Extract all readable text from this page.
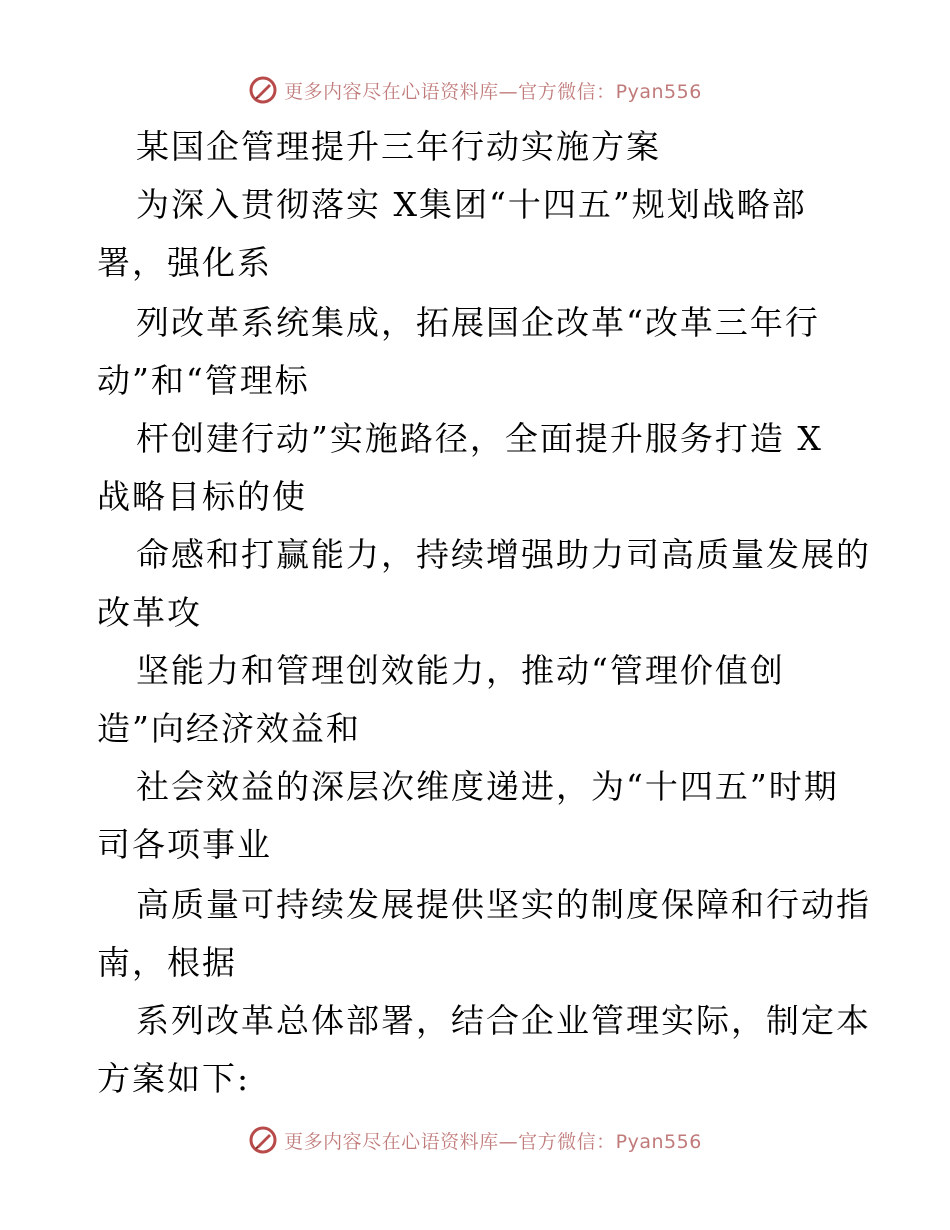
更多内容尽在心语资料库—官方微信：Pyan556
某国企管理提升三年行动实施方案
为深入贯彻落实 X集团“十四五”规划战略部
署，强化系
列改革系统集成，拓展国企改革“改革三年行
动”和“管理标
杆创建行动”实施路径，全面提升服务打造 X
战略目标的使
命感和打赢能力，持续增强助力司高质量发展的
改革攻
坚能力和管理创效能力，推动“管理价值创
造”向经济效益和
社会效益的深层次维度递进，为“十四五”时期
司各项事业
高质量可持续发展提供坚实的制度保障和行动指
南，根据
系列改革总体部署，结合企业管理实际，制定本
方案如下:
更多内容尽在心语资料库—官方微信：Pyan556
